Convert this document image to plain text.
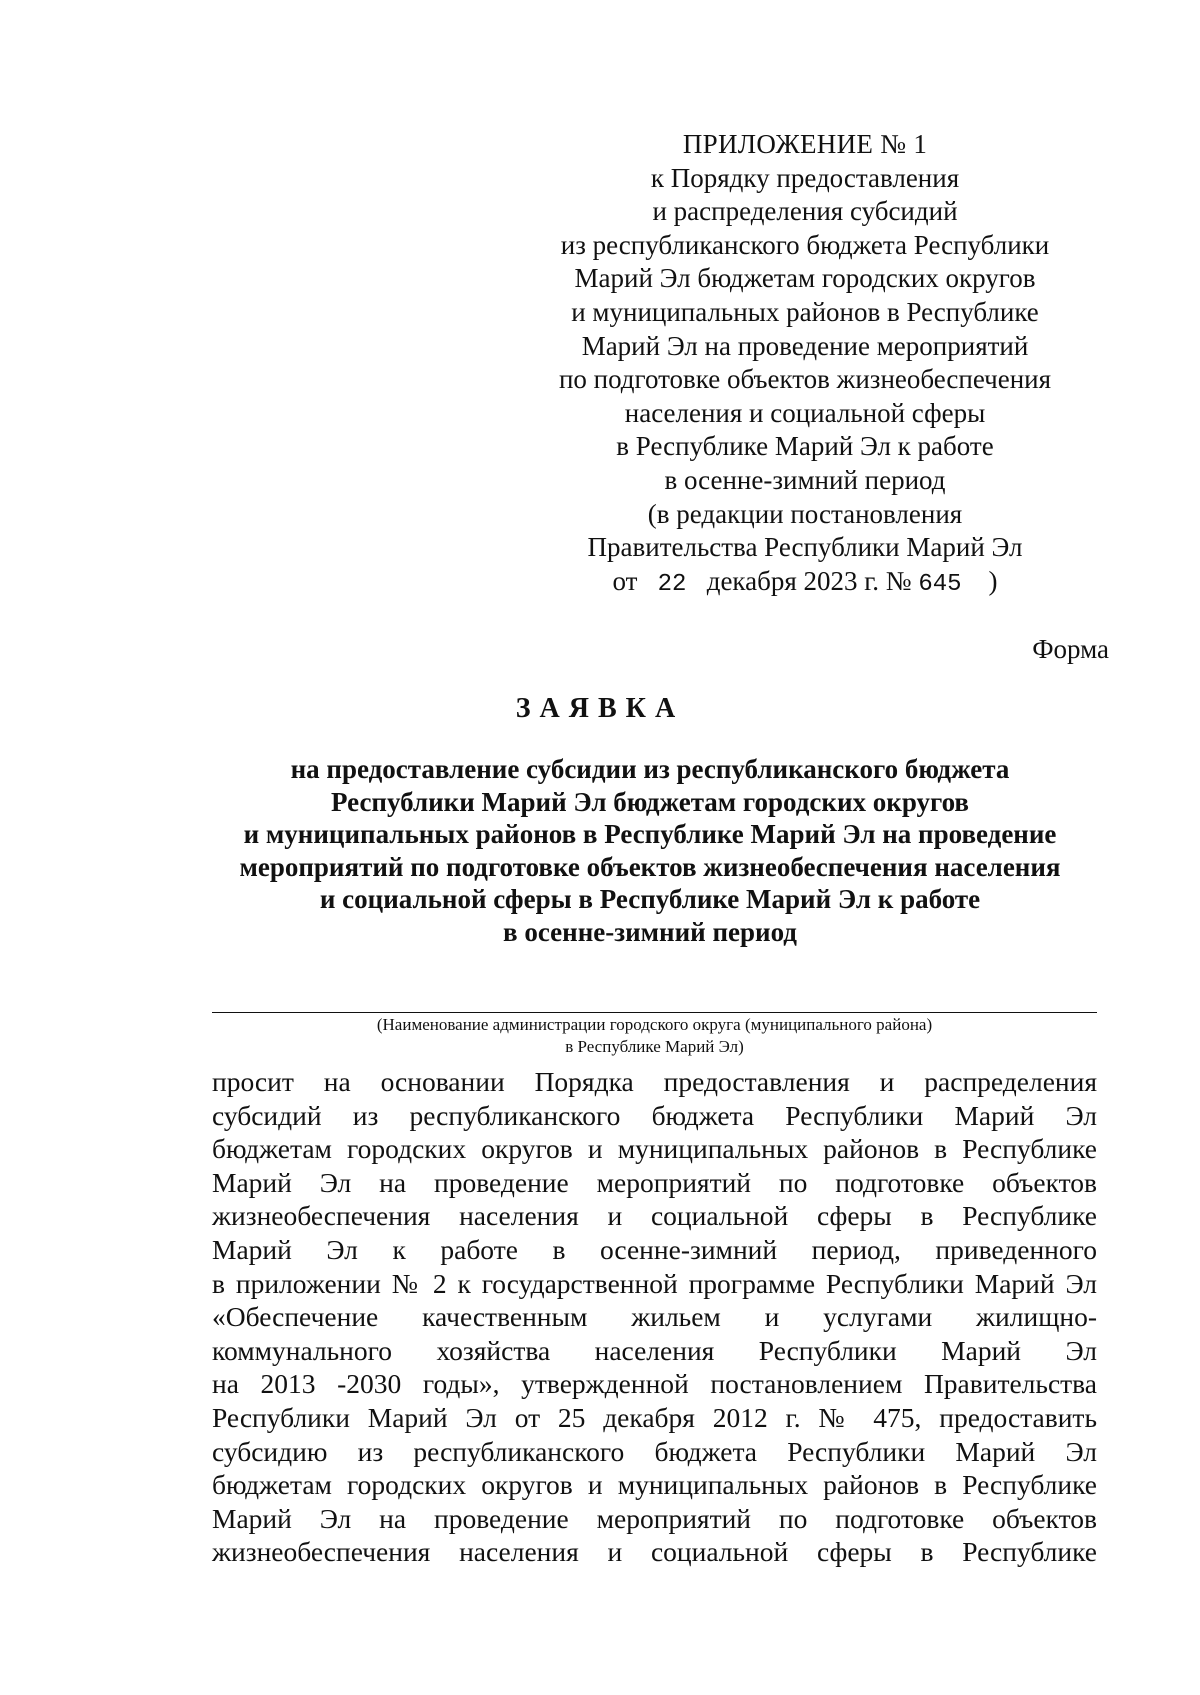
ПРИЛОЖЕНИЕ № 1
к Порядку предоставления
и распределения субсидий
из республиканского бюджета Республики
Марий Эл бюджетам городских округов
и муниципальных районов в Республике
Марий Эл на проведение мероприятий
по подготовке объектов жизнеобеспечения
населения и социальной сферы
в Республике Марий Эл к работе
в осенне-зимний период
(в редакции постановления
Правительства Республики Марий Эл
от 22 декабря 2023 г. № 645 )
Форма
ЗАЯВКА
на предоставление субсидии из республиканского бюджета
Республики Марий Эл бюджетам городских округов
и муниципальных районов в Республике Марий Эл на проведение
мероприятий по подготовке объектов жизнеобеспечения населения
и социальной сферы в Республике Марий Эл к работе
в осенне-зимний период
(Наименование администрации городского округа (муниципального района)
в Республике Марий Эл)
просит на основании Порядка предоставления и распределения
субсидий из республиканского бюджета Республики Марий Эл
бюджетам городских округов и муниципальных районов в Республике
Марий Эл на проведение мероприятий по подготовке объектов
жизнеобеспечения населения и социальной сферы в Республике
Марий Эл к работе в осенне-зимний период, приведенного
в приложении № 2 к государственной программе Республики Марий Эл
«Обеспечение качественным жильем и услугами жилищно-
коммунального хозяйства населения Республики Марий Эл
на 2013 -2030 годы», утвержденной постановлением Правительства
Республики Марий Эл от 25 декабря 2012 г. № 475, предоставить
субсидию из республиканского бюджета Республики Марий Эл
бюджетам городских округов и муниципальных районов в Республике
Марий Эл на проведение мероприятий по подготовке объектов
жизнеобеспечения населения и социальной сферы в Республике
